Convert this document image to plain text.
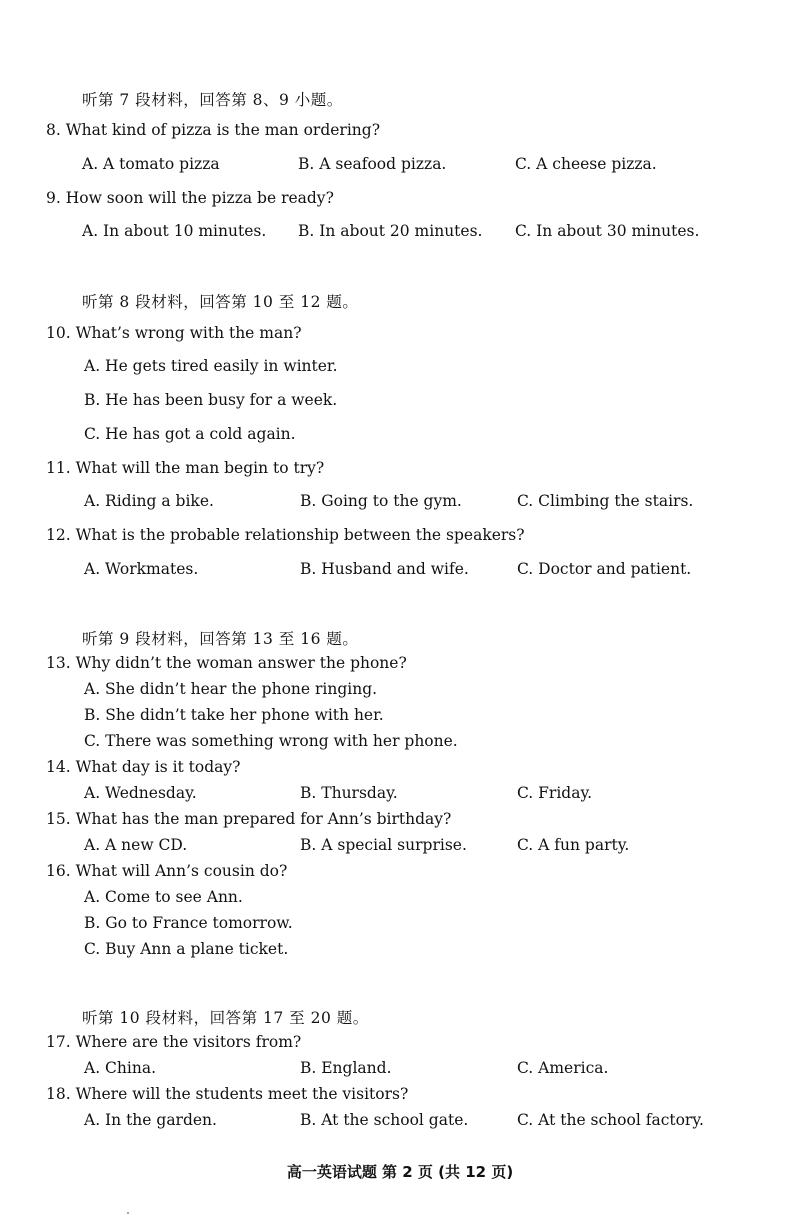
听第 7 段材料，回答第 8、9 小题。
8. What kind of pizza is the man ordering?
A. A tomato pizza	B. A seafood pizza.	C. A cheese pizza.
9. How soon will the pizza be ready?
A. In about 10 minutes. B. In about 20 minutes. C. In about 30 minutes.
听第 8 段材料，回答第 10 至 12 题。
10. What’s wrong with the man?
A. He gets tired easily in winter.
B. He has been busy for a week.
C. He has got a cold again.
11. What will the man begin to try?
A. Riding a bike.	B. Going to the gym.	C. Climbing the stairs.
12. What is the probable relationship between the speakers?
A. Workmates.	B. Husband and wife.	C. Doctor and patient.
听第 9 段材料，回答第 13 至 16 题。
13. Why didn’t the woman answer the phone?
A. She didn’t hear the phone ringing.
B. She didn’t take her phone with her.
C. There was something wrong with her phone.
14. What day is it today?
A. Wednesday.	B. Thursday.	C. Friday.
15. What has the man prepared for Ann’s birthday?
A. A new CD.	B. A special surprise.	C. A fun party.
16. What will Ann’s cousin do?
A. Come to see Ann.
B. Go to France tomorrow.
C. Buy Ann a plane ticket.
听第 10 段材料，回答第 17 至 20 题。
17. Where are the visitors from?
A. China.	B. England.	C. America.
18. Where will the students meet the visitors?
A. In the garden.	B. At the school gate.	C. At the school factory.
高一英语试题 第 2 页 (共 12 页)
